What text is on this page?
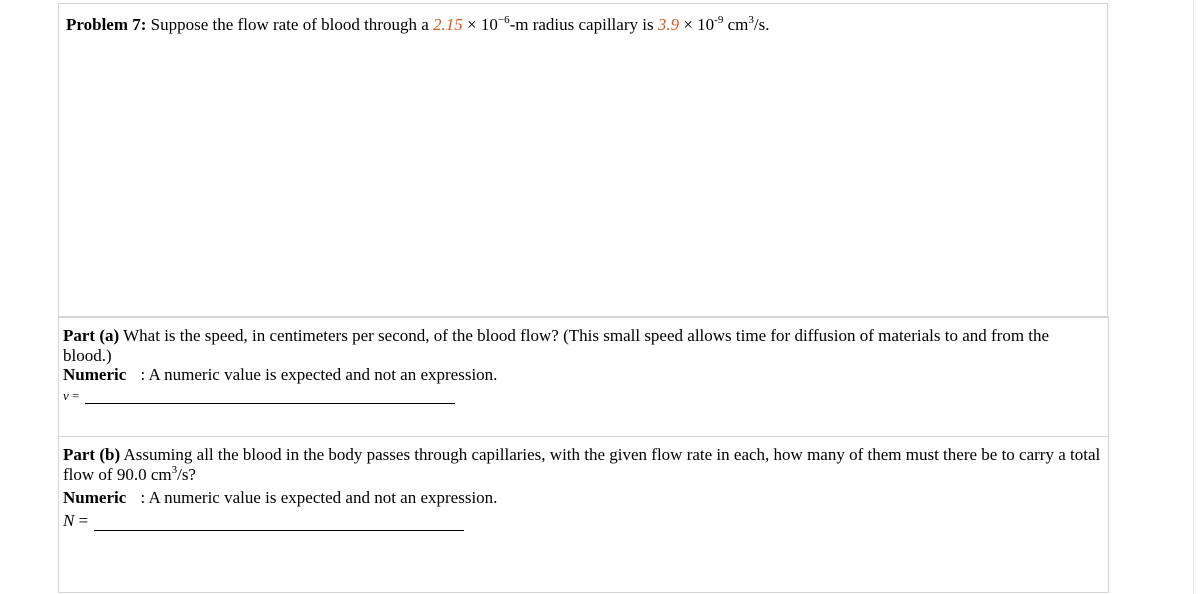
Problem 7: Suppose the flow rate of blood through a $2.15 \times 10^{-6}-m$ radius capillary is $3.9 \times 10^{-9}$ $cm^3/s$.
Part (a) What is the speed, in centimeters per second, of the blood flow? (This small speed allows time for diffusion of materials to and from the blood.)
Numeric : A numeric value is expected and not an expression.
v
=
Part (b) Assuming all the blood in the body passes through capillaries, with the given flow rate in each, how many of them must there be to carry a total flow of 90.0 $cm^3/s$?
Numeric : A numeric value is expected and not an expression.
N
=
